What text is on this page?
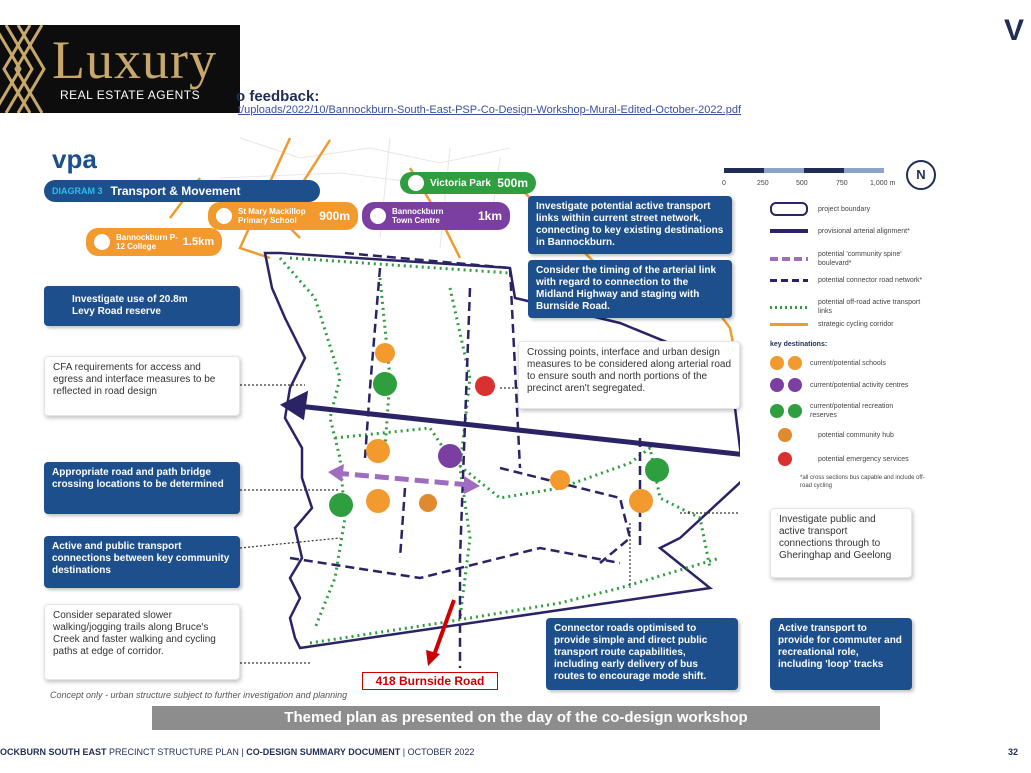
Luxury
REAL ESTATE AGENTS o feedback:
t/uploads/2022/10/Bannockburn-South-East-PSP-Co-Design-Workshop-Mural-Edited-October-2022.pdf
V
vpa
DIAGRAM 3 Transport & Movement
Victoria Park 500m
St Mary Mackillop Primary School	900m	Bannockburn Town Centre	1km
Bannockburn P-12 College	1.5km
0	250	500	750	1,000 m
N
project boundary
provisional arterial alignment*
potential 'community spine' boulevard*
potential connector road network*
potential off-road active transport links
strategic cycling corridor
key destinations:
current/potential schools
current/potential activity centres
current/potential recreation reserves
potential community hub
potential emergency services
*all cross sections bus capable and include off-road cycling
Investigate potential active transport links within current street network, connecting to key existing destinations in Bannockburn.
Consider the timing of the arterial link with regard to connection to the Midland Highway and staging with Burnside Road.
Investigate use of 20.8m Levy Road reserve
CFA requirements for access and egress and interface measures to be reflected in road design
Crossing points, interface and urban design measures to be considered along arterial road to ensure south and north portions of the precinct aren't segregated.
Appropriate road and path bridge crossing locations to be determined
Active and public transport connections between key community destinations
Consider separated slower walking/jogging trails along Bruce's Creek and faster walking and cycling paths at edge of corridor.
Investigate public and active transport connections through to Gheringhap and Geelong
Connector roads optimised to provide simple and direct public transport route capabilities, including early delivery of bus routes to encourage mode shift.
Active transport to provide for commuter and recreational role, including 'loop' tracks
418 Burnside Road
Concept only - urban structure subject to further investigation and planning
Themed plan as presented on the day of the co-design workshop
OCKBURN SOUTH EAST PRECINCT STRUCTURE PLAN | CO-DESIGN SUMMARY DOCUMENT | OCTOBER 2022	32
